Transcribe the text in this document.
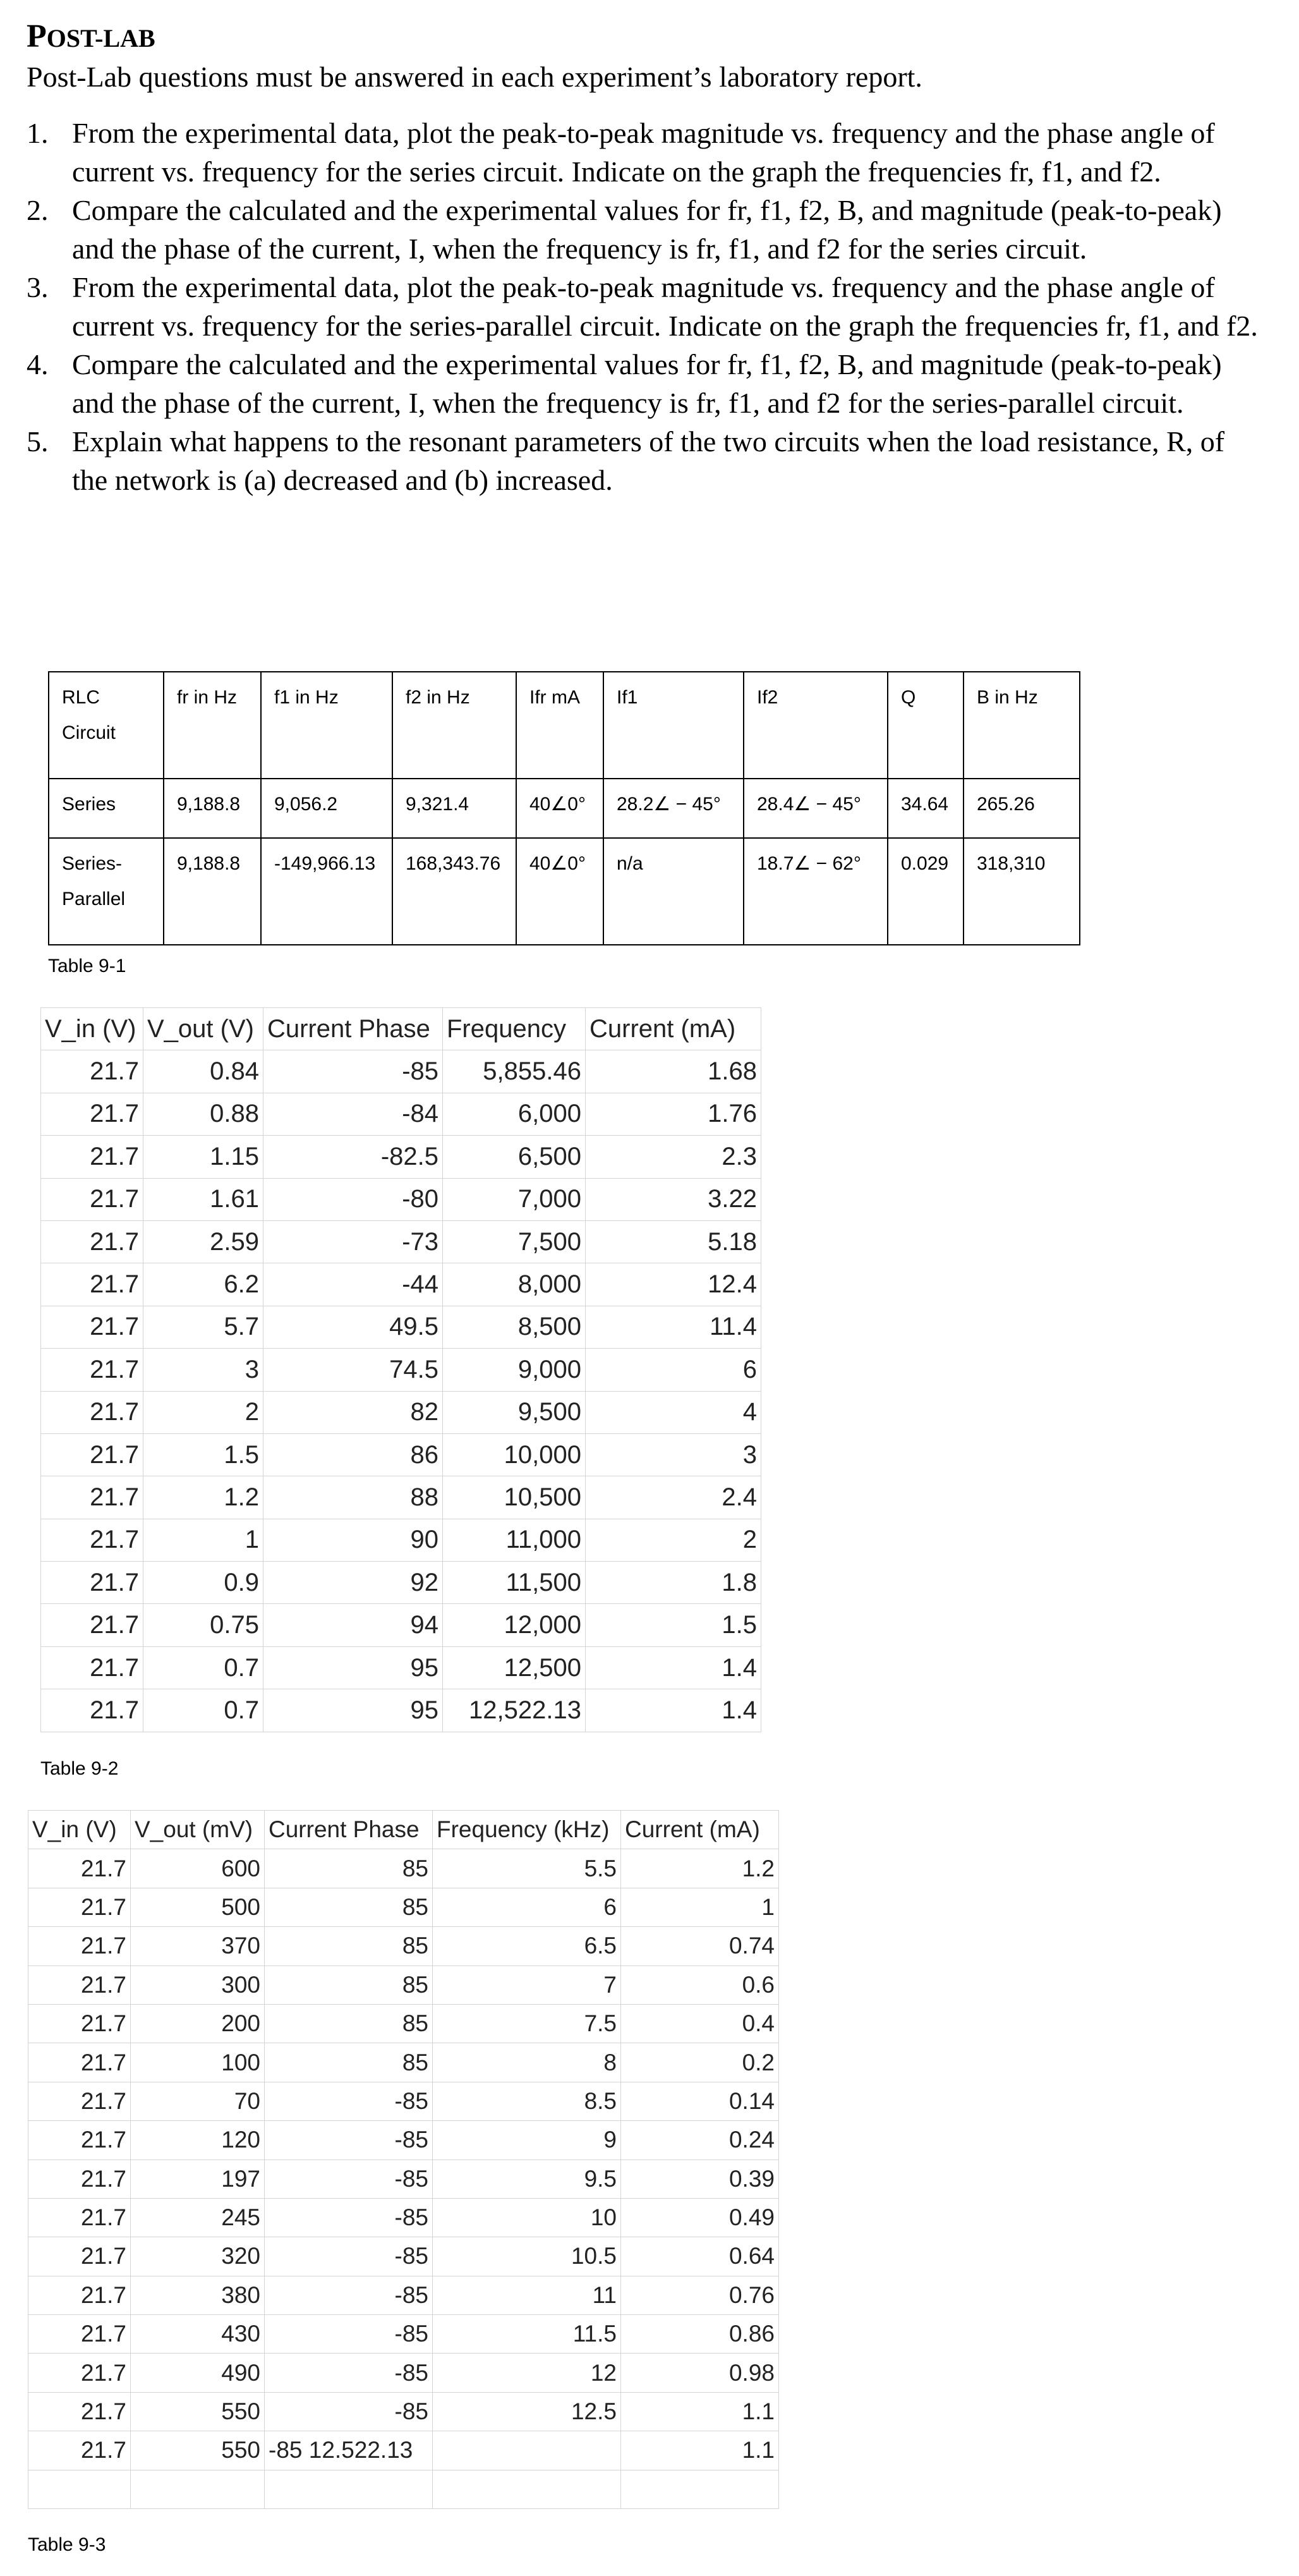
POST-LAB
Post-Lab questions must be answered in each experiment’s laboratory report.
1. From the experimental data, plot the peak-to-peak magnitude vs. frequency and the phase angle of current vs. frequency for the series circuit. Indicate on the graph the frequencies fr, f1, and f2.
2. Compare the calculated and the experimental values for fr, f1, f2, B, and magnitude (peak-to-peak) and the phase of the current, I, when the frequency is fr, f1, and f2 for the series circuit.
3. From the experimental data, plot the peak-to-peak magnitude vs. frequency and the phase angle of current vs. frequency for the series-parallel circuit. Indicate on the graph the frequencies fr, f1, and f2.
4. Compare the calculated and the experimental values for fr, f1, f2, B, and magnitude (peak-to-peak) and the phase of the current, I, when the frequency is fr, f1, and f2 for the series-parallel circuit.
5. Explain what happens to the resonant parameters of the two circuits when the load resistance, R, of the network is (a) decreased and (b) increased.
RLC Circuit	fr in Hz	f1 in Hz	f2 in Hz	Ifr mA	If1	If2	Q	B in Hz
Series	9,188.8	9,056.2	9,321.4	40∠0°	28.2∠ − 45°	28.4∠ − 45°	34.64	265.26
Series-Parallel	9,188.8	-149,966.13	168,343.76	40∠0°	n/a	18.7∠ − 62°	0.029	318,310
Table 9-1
V_in (V)	V_out (V)	Current Phase	Frequency	Current (mA)
21.7	0.84	-85	5,855.46	1.68
21.7	0.88	-84	6,000	1.76
21.7	1.15	-82.5	6,500	2.3
21.7	1.61	-80	7,000	3.22
21.7	2.59	-73	7,500	5.18
21.7	6.2	-44	8,000	12.4
21.7	5.7	49.5	8,500	11.4
21.7	3	74.5	9,000	6
21.7	2	82	9,500	4
21.7	1.5	86	10,000	3
21.7	1.2	88	10,500	2.4
21.7	1	90	11,000	2
21.7	0.9	92	11,500	1.8
21.7	0.75	94	12,000	1.5
21.7	0.7	95	12,500	1.4
21.7	0.7	95	12,522.13	1.4
Table 9-2
V_in (V)	V_out (mV)	Current Phase	Frequency (kHz)	Current (mA)
21.7	600	85	5.5	1.2
21.7	500	85	6	1
21.7	370	85	6.5	0.74
21.7	300	85	7	0.6
21.7	200	85	7.5	0.4
21.7	100	85	8	0.2
21.7	70	-85	8.5	0.14
21.7	120	-85	9	0.24
21.7	197	-85	9.5	0.39
21.7	245	-85	10	0.49
21.7	320	-85	10.5	0.64
21.7	380	-85	11	0.76
21.7	430	-85	11.5	0.86
21.7	490	-85	12	0.98
21.7	550	-85	12.5	1.1
21.7	550	-85 12.522.13		1.1

Table 9-3
